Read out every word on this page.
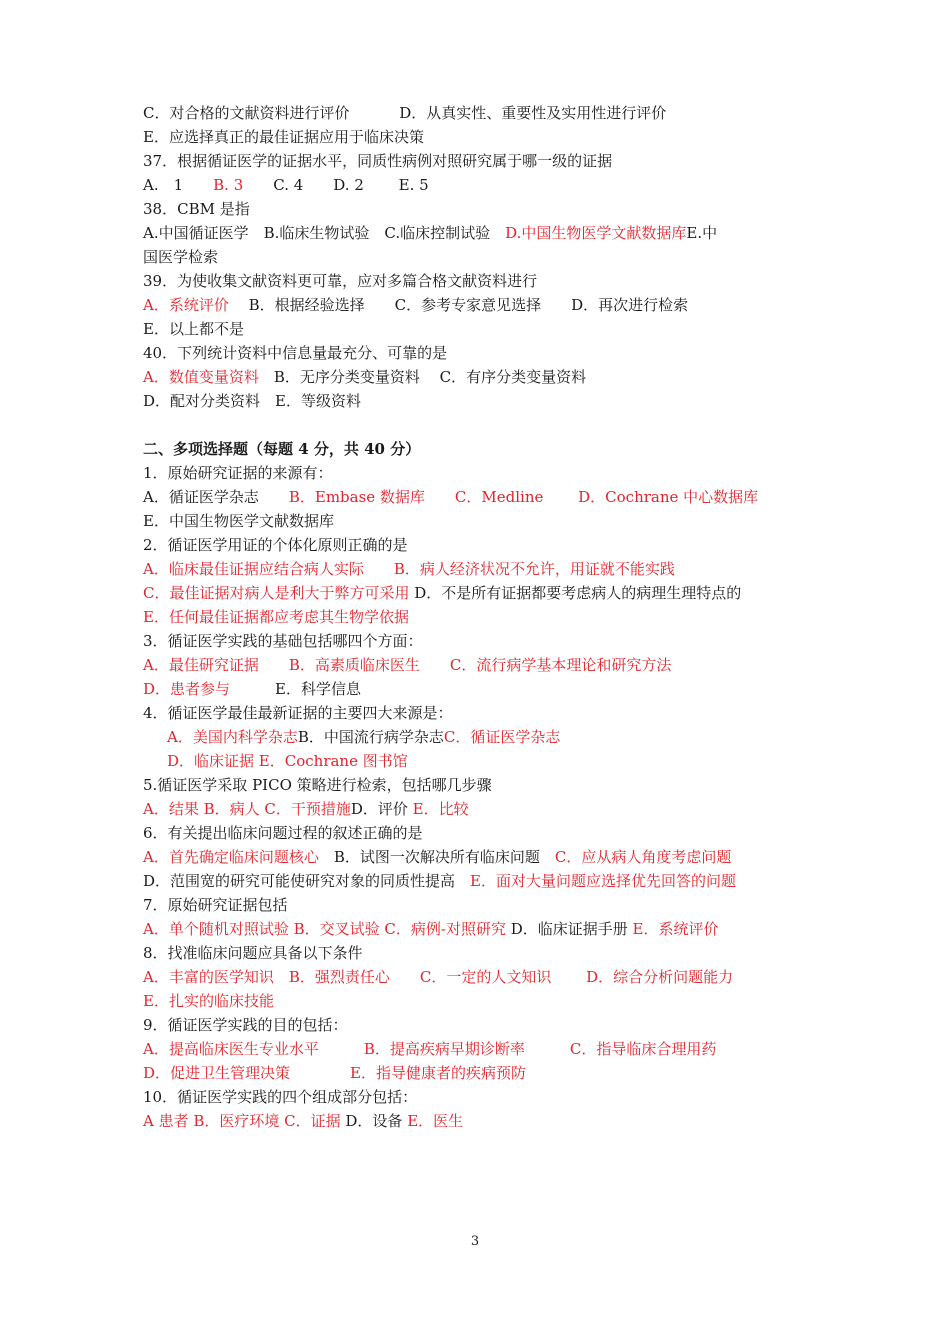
C．对合格的文献资料进行评价　　　 D．从真实性、重要性及实用性进行评价
E．应选择真正的最佳证据应用于临床决策
37．根据循证医学的证据水平，同质性病例对照研究属于哪一级的证据
A.　1　　B. 3　　C. 4　　D. 2　　 E. 5
38．CBM 是指
A.中国循证医学　B.临床生物试验　C.临床控制试验　D.中国生物医学文献数据库E.中
国医学检索
39．为使收集文献资料更可靠，应对多篇合格文献资料进行
A．系统评价　 B．根据经验选择　　C．参考专家意见选择　　D．再次进行检索
E．以上都不是
40．下列统计资料中信息量最充分、可靠的是
A．数值变量资料　B．无序分类变量资料　 C．有序分类变量资料
D．配对分类资料　E．等级资料
二、多项选择题（每题 4 分，共 40 分）
1．原始研究证据的来源有：
A．循证医学杂志　　B．Embase 数据库　　C．Medline　　 D．Cochrane 中心数据库
E．中国生物医学文献数据库
2．循证医学用证的个体化原则正确的是
A．临床最佳证据应结合病人实际　　B．病人经济状况不允许，用证就不能实践
C．最佳证据对病人是利大于弊方可采用 D．不是所有证据都要考虑病人的病理生理特点的
E．任何最佳证据都应考虑其生物学依据
3．循证医学实践的基础包括哪四个方面：
A．最佳研究证据　　B．高素质临床医生　　C．流行病学基本理论和研究方法
D．患者参与　　　E．科学信息
4．循证医学最佳最新证据的主要四大来源是：
A．美国内科学杂志B．中国流行病学杂志C．循证医学杂志
D．临床证据 E．Cochrane 图书馆
5.循证医学采取 PICO 策略进行检索，包括哪几步骤
A．结果 B．病人 C．干预措施D．评价 E．比较
6．有关提出临床问题过程的叙述正确的是
A．首先确定临床问题核心　B．试图一次解决所有临床问题　C．应从病人角度考虑问题
D．范围宽的研究可能使研究对象的同质性提高　E．面对大量问题应选择优先回答的问题
7．原始研究证据包括
A．单个随机对照试验 B．交叉试验 C．病例-对照研究 D．临床证据手册 E．系统评价
8．找准临床问题应具备以下条件
A．丰富的医学知识　B．强烈责任心　　C．一定的人文知识　　 D．综合分析问题能力
E．扎实的临床技能
9．循证医学实践的目的包括：
A．提高临床医生专业水平　　　B．提高疾病早期诊断率　　　C．指导临床合理用药
D．促进卫生管理决策　　　　E．指导健康者的疾病预防
10．循证医学实践的四个组成部分包括：
A 患者 B．医疗环境 C．证据 D．设备 E．医生
3
